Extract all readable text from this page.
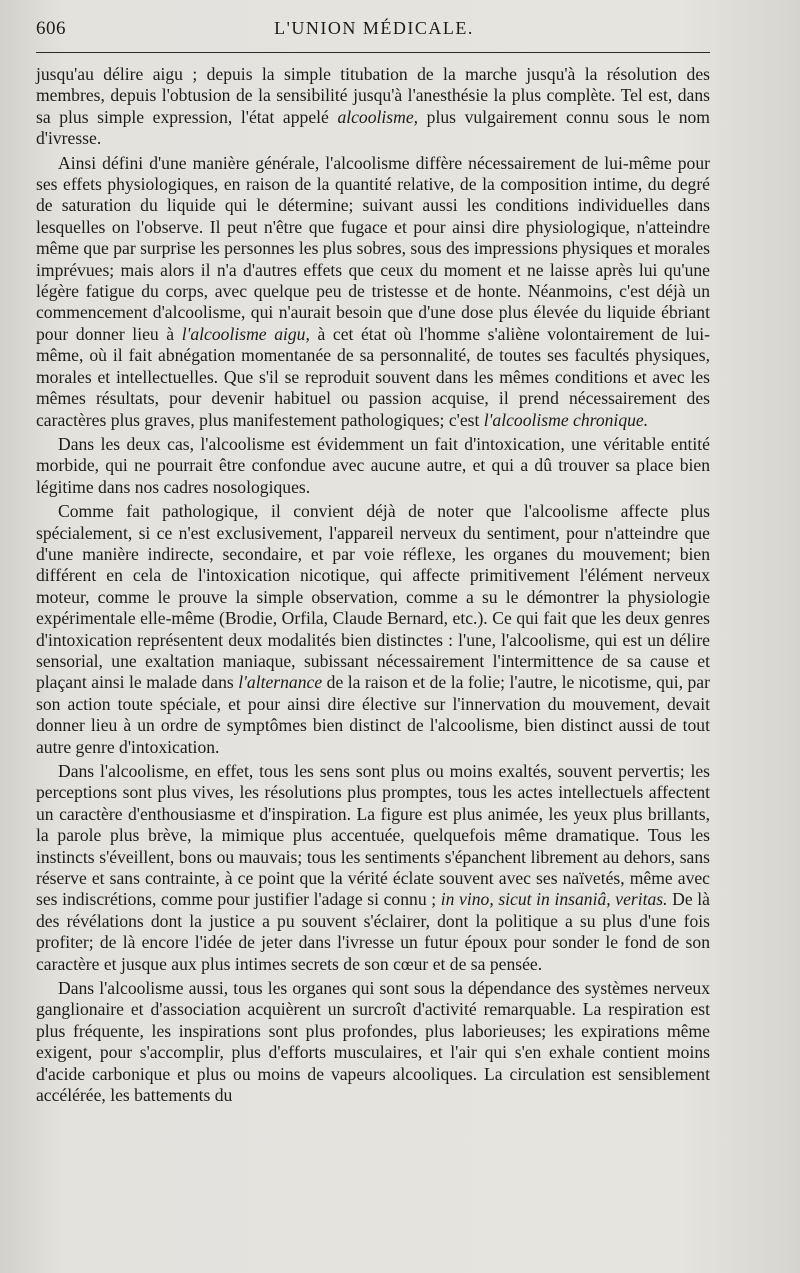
606	L'UNION MÉDICALE.

jusqu'au délire aigu ; depuis la simple titubation de la marche jusqu'à la résolution des membres, depuis l'obtusion de la sensibilité jusqu'à l'anesthésie la plus complète. Tel est, dans sa plus simple expression, l'état appelé alcoolisme, plus vulgairement connu sous le nom d'ivresse.

Ainsi défini d'une manière générale, l'alcoolisme diffère nécessairement de lui-même pour ses effets physiologiques, en raison de la quantité relative, de la composition intime, du degré de saturation du liquide qui le détermine; suivant aussi les conditions individuelles dans lesquelles on l'observe. Il peut n'être que fugace et pour ainsi dire physiologique, n'atteindre même que par surprise les personnes les plus sobres, sous des impressions physiques et morales imprévues; mais alors il n'a d'autres effets que ceux du moment et ne laisse après lui qu'une légère fatigue du corps, avec quelque peu de tristesse et de honte. Néanmoins, c'est déjà un commencement d'alcoolisme, qui n'aurait besoin que d'une dose plus élevée du liquide ébriant pour donner lieu à l'alcoolisme aigu, à cet état où l'homme s'aliène volontairement de lui-même, où il fait abnégation momentanée de sa personnalité, de toutes ses facultés physiques, morales et intellectuelles. Que s'il se reproduit souvent dans les mêmes conditions et avec les mêmes résultats, pour devenir habituel ou passion acquise, il prend nécessairement des caractères plus graves, plus manifestement pathologiques; c'est l'alcoolisme chronique.

Dans les deux cas, l'alcoolisme est évidemment un fait d'intoxication, une véritable entité morbide, qui ne pourrait être confondue avec aucune autre, et qui a dû trouver sa place bien légitime dans nos cadres nosologiques.

Comme fait pathologique, il convient déjà de noter que l'alcoolisme affecte plus spécialement, si ce n'est exclusivement, l'appareil nerveux du sentiment, pour n'atteindre que d'une manière indirecte, secondaire, et par voie réflexe, les organes du mouvement; bien différent en cela de l'intoxication nicotique, qui affecte primitivement l'élément nerveux moteur, comme le prouve la simple observation, comme a su le démontrer la physiologie expérimentale elle-même (Brodie, Orfila, Claude Bernard, etc.). Ce qui fait que les deux genres d'intoxication représentent deux modalités bien distinctes : l'une, l'alcoolisme, qui est un délire sensorial, une exaltation maniaque, subissant nécessairement l'intermittence de sa cause et plaçant ainsi le malade dans l'alternance de la raison et de la folie; l'autre, le nicotisme, qui, par son action toute spéciale, et pour ainsi dire élective sur l'innervation du mouvement, devait donner lieu à un ordre de symptômes bien distinct de l'alcoolisme, bien distinct aussi de tout autre genre d'intoxication.

Dans l'alcoolisme, en effet, tous les sens sont plus ou moins exaltés, souvent pervertis; les perceptions sont plus vives, les résolutions plus promptes, tous les actes intellectuels affectent un caractère d'enthousiasme et d'inspiration. La figure est plus animée, les yeux plus brillants, la parole plus brève, la mimique plus accentuée, quelquefois même dramatique. Tous les instincts s'éveillent, bons ou mauvais; tous les sentiments s'épanchent librement au dehors, sans réserve et sans contrainte, à ce point que la vérité éclate souvent avec ses naïvetés, même avec ses indiscrétions, comme pour justifier l'adage si connu ; in vino, sicut in insaniâ, veritas. De là des révélations dont la justice a pu souvent s'éclairer, dont la politique a su plus d'une fois profiter; de là encore l'idée de jeter dans l'ivresse un futur époux pour sonder le fond de son caractère et jusque aux plus intimes secrets de son cœur et de sa pensée.

Dans l'alcoolisme aussi, tous les organes qui sont sous la dépendance des systèmes nerveux ganglionaire et d'association acquièrent un surcroît d'activité remarquable. La respiration est plus fréquente, les inspirations sont plus profondes, plus laborieuses; les expirations même exigent, pour s'accomplir, plus d'efforts musculaires, et l'air qui s'en exhale contient moins d'acide carbonique et plus ou moins de vapeurs alcooliques. La circulation est sensiblement accélérée, les battements du
